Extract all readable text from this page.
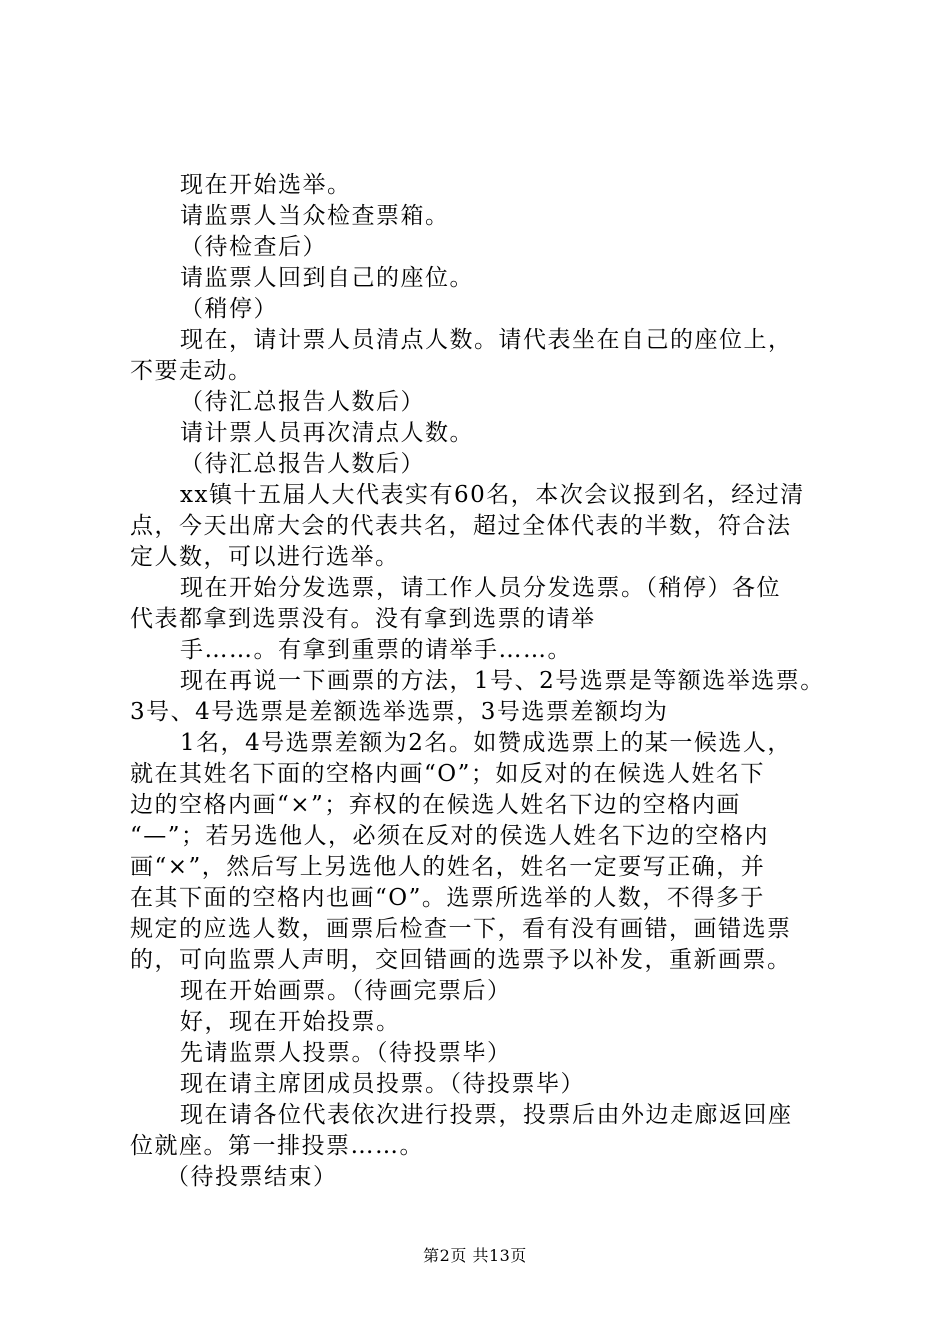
现在开始选举。
请监票人当众检查票箱。
（待检查后）
请监票人回到自己的座位。
（稍停）
现在，请计票人员清点人数。请代表坐在自己的座位上，
不要走动。
（待汇总报告人数后）
请计票人员再次清点人数。
（待汇总报告人数后）
xx镇十五届人大代表实有60名，本次会议报到名，经过清
点，今天出席大会的代表共名，超过全体代表的半数，符合法
定人数，可以进行选举。
现在开始分发选票，请工作人员分发选票。（稍停）各位
代表都拿到选票没有。没有拿到选票的请举
手……。有拿到重票的请举手……。
现在再说一下画票的方法，1号、2号选票是等额选举选票。
3号、4号选票是差额选举选票，3号选票差额均为
1名，4号选票差额为2名。如赞成选票上的某一候选人，
就在其姓名下面的空格内画“O”；如反对的在候选人姓名下
边的空格内画“×”；弃权的在候选人姓名下边的空格内画
“—”；若另选他人，必须在反对的侯选人姓名下边的空格内
画“×”，然后写上另选他人的姓名，姓名一定要写正确，并
在其下面的空格内也画“O”。选票所选举的人数，不得多于
规定的应选人数，画票后检查一下，看有没有画错，画错选票
的，可向监票人声明，交回错画的选票予以补发，重新画票。
现在开始画票。（待画完票后）
好，现在开始投票。
先请监票人投票。（待投票毕）
现在请主席团成员投票。（待投票毕）
现在请各位代表依次进行投票，投票后由外边走廊返回座
位就座。第一排投票……。
（待投票结束）
第2页 共13页
